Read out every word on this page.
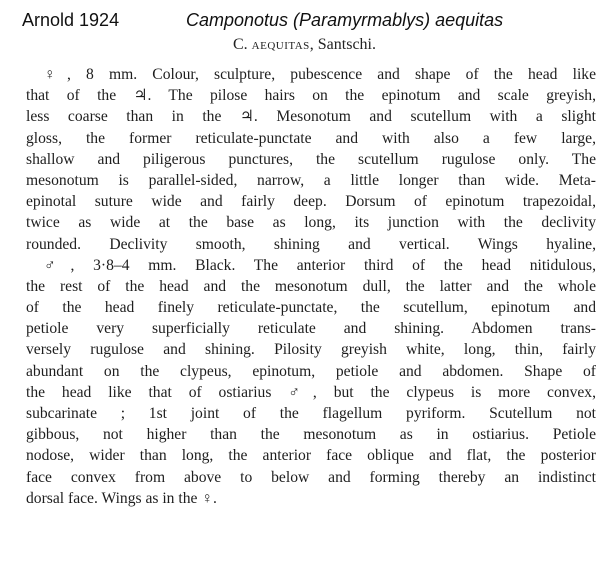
Arnold 1924	Camponotus (Paramyrmablys) aequitas
C. aequitas, Santschi.
♀, 8 mm. Colour, sculpture, pubescence and shape of the head like
that of the ♃. The pilose hairs on the epinotum and scale greyish,
less coarse than in the ♃. Mesonotum and scutellum with a slight
gloss, the former reticulate-punctate and with also a few large,
shallow and piligerous punctures, the scutellum rugulose only. The
mesonotum is parallel-sided, narrow, a little longer than wide. Meta-
epinotal suture wide and fairly deep. Dorsum of epinotum trapezoidal,
twice as wide at the base as long, its junction with the declivity
rounded. Declivity smooth, shining and vertical. Wings hyaline,
♂, 3·8–4 mm. Black. The anterior third of the head nitidulous,
the rest of the head and the mesonotum dull, the latter and the whole
of the head finely reticulate-punctate, the scutellum, epinotum and
petiole very superficially reticulate and shining. Abdomen trans-
versely rugulose and shining. Pilosity greyish white, long, thin, fairly
abundant on the clypeus, epinotum, petiole and abdomen. Shape of
the head like that of ostiarius ♂, but the clypeus is more convex,
subcarinate ; 1st joint of the flagellum pyriform. Scutellum not
gibbous, not higher than the mesonotum as in ostiarius. Petiole
nodose, wider than long, the anterior face oblique and flat, the posterior
face convex from above to below and forming thereby an indistinct
dorsal face. Wings as in the ♀.
